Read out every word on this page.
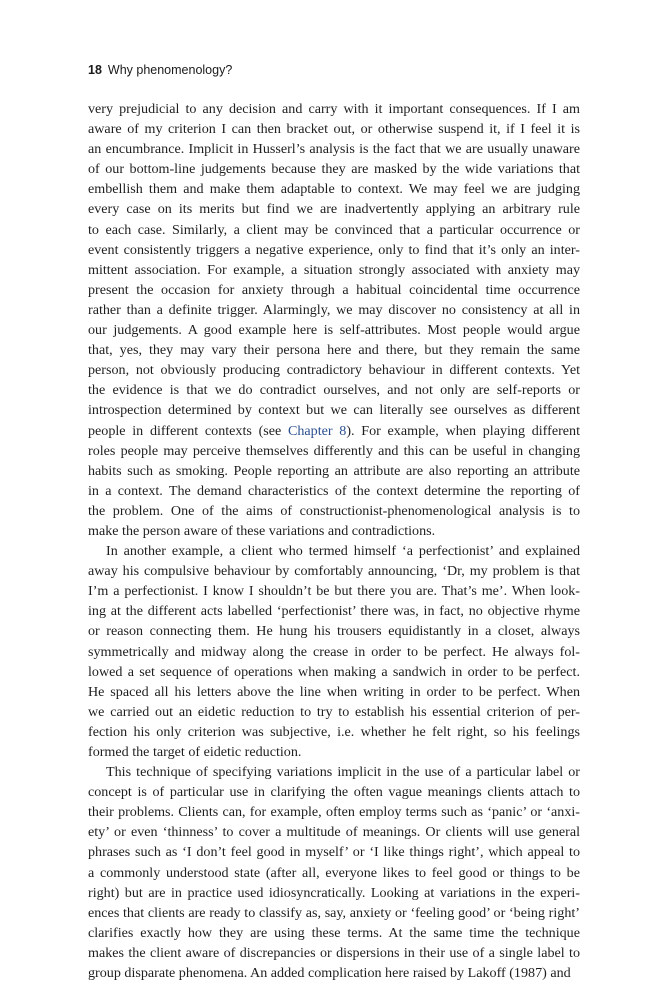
18 Why phenomenology?
very prejudicial to any decision and carry with it important consequences. If I am
aware of my criterion I can then bracket out, or otherwise suspend it, if I feel it is
an encumbrance. Implicit in Husserl’s analysis is the fact that we are usually unaware
of our bottom-line judgements because they are masked by the wide variations that
embellish them and make them adaptable to context. We may feel we are judging
every case on its merits but find we are inadvertently applying an arbitrary rule
to each case. Similarly, a client may be convinced that a particular occurrence or
event consistently triggers a negative experience, only to find that it’s only an inter-
mittent association. For example, a situation strongly associated with anxiety may
present the occasion for anxiety through a habitual coincidental time occurrence
rather than a definite trigger. Alarmingly, we may discover no consistency at all in
our judgements. A good example here is self-attributes. Most people would argue
that, yes, they may vary their persona here and there, but they remain the same
person, not obviously producing contradictory behaviour in different contexts. Yet
the evidence is that we do contradict ourselves, and not only are self-reports or
introspection determined by context but we can literally see ourselves as different
people in different contexts (see Chapter 8). For example, when playing different
roles people may perceive themselves differently and this can be useful in changing
habits such as smoking. People reporting an attribute are also reporting an attribute
in a context. The demand characteristics of the context determine the reporting of
the problem. One of the aims of constructionist-phenomenological analysis is to
make the person aware of these variations and contradictions.
In another example, a client who termed himself ‘a perfectionist’ and explained
away his compulsive behaviour by comfortably announcing, ‘Dr, my problem is that
I’m a perfectionist. I know I shouldn’t be but there you are. That’s me’. When look-
ing at the different acts labelled ‘perfectionist’ there was, in fact, no objective rhyme
or reason connecting them. He hung his trousers equidistantly in a closet, always
symmetrically and midway along the crease in order to be perfect. He always fol-
lowed a set sequence of operations when making a sandwich in order to be perfect.
He spaced all his letters above the line when writing in order to be perfect. When
we carried out an eidetic reduction to try to establish his essential criterion of per-
fection his only criterion was subjective, i.e. whether he felt right, so his feelings
formed the target of eidetic reduction.
This technique of specifying variations implicit in the use of a particular label or
concept is of particular use in clarifying the often vague meanings clients attach to
their problems. Clients can, for example, often employ terms such as ‘panic’ or ‘anxi-
ety’ or even ‘thinness’ to cover a multitude of meanings. Or clients will use general
phrases such as ‘I don’t feel good in myself’ or ‘I like things right’, which appeal to
a commonly understood state (after all, everyone likes to feel good or things to be
right) but are in practice used idiosyncratically. Looking at variations in the experi-
ences that clients are ready to classify as, say, anxiety or ‘feeling good’ or ‘being right’
clarifies exactly how they are using these terms. At the same time the technique
makes the client aware of discrepancies or dispersions in their use of a single label to
group disparate phenomena. An added complication here raised by Lakoff (1987) and
